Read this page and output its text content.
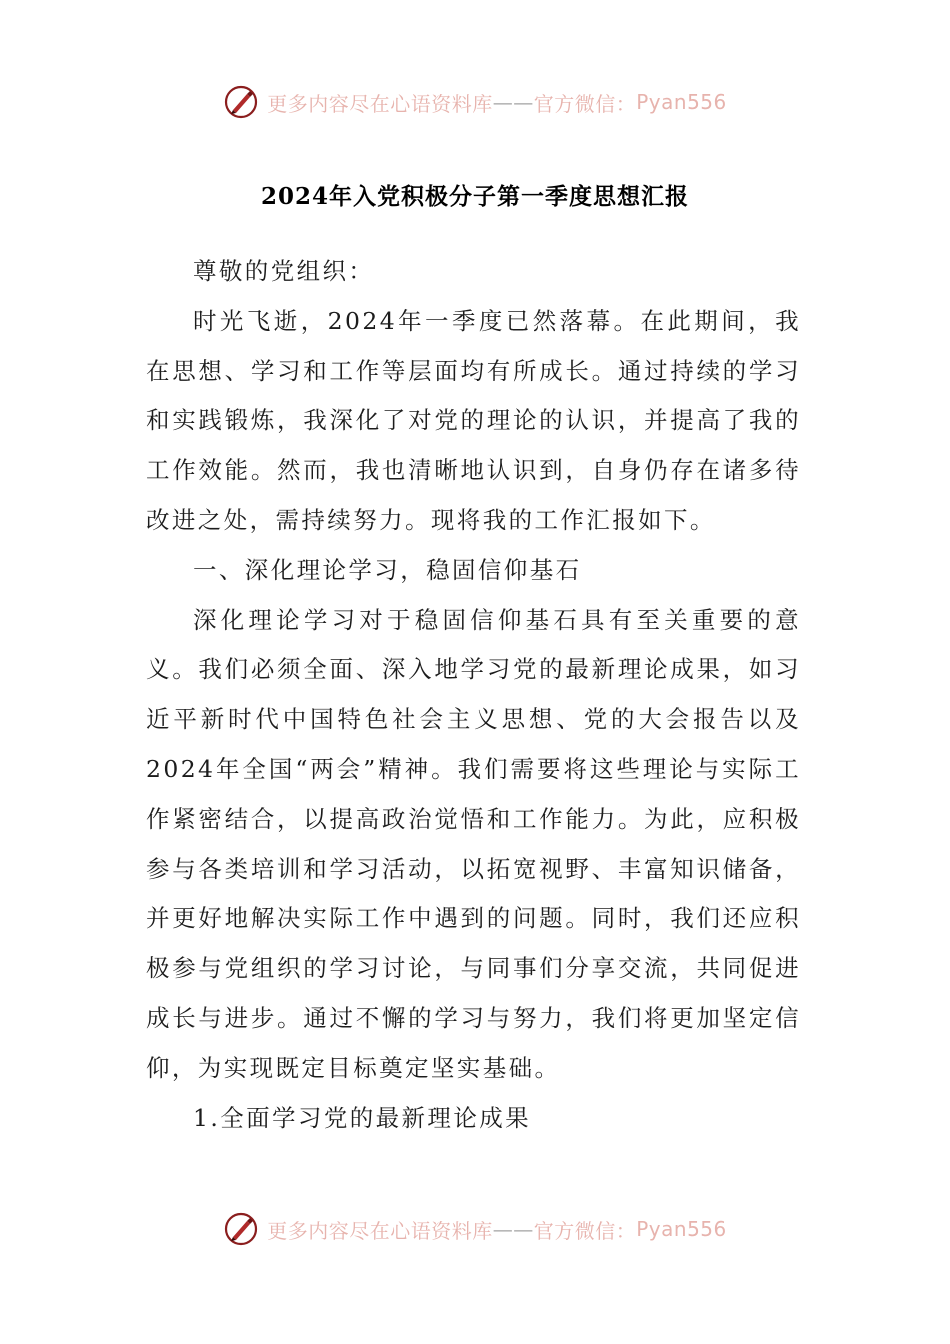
更多内容尽在心语资料库 —— 官方微信： Pyan556
2024年入党积极分子第一季度思想汇报

尊敬的党组织：

时光飞逝，2024年一季度已然落幕。在此期间，我在思想、学习和工作等层面均有所成长。通过持续的学习和实践锻炼，我深化了对党的理论的认识，并提高了我的工作效能。然而，我也清晰地认识到，自身仍存在诸多待改进之处，需持续努力。现将我的工作汇报如下。

一、深化理论学习，稳固信仰基石

深化理论学习对于稳固信仰基石具有至关重要的意义。我们必须全面、深入地学习党的最新理论成果，如习近平新时代中国特色社会主义思想、党的大会报告以及2024年全国“两会”精神。我们需要将这些理论与实际工作紧密结合，以提高政治觉悟和工作能力。为此，应积极参与各类培训和学习活动，以拓宽视野、丰富知识储备，并更好地解决实际工作中遇到的问题。同时，我们还应积极参与党组织的学习讨论，与同事们分享交流，共同促进成长与进步。通过不懈的学习与努力，我们将更加坚定信仰，为实现既定目标奠定坚实基础。

1.全面学习党的最新理论成果

更多内容尽在心语资料库 —— 官方微信： Pyan556
